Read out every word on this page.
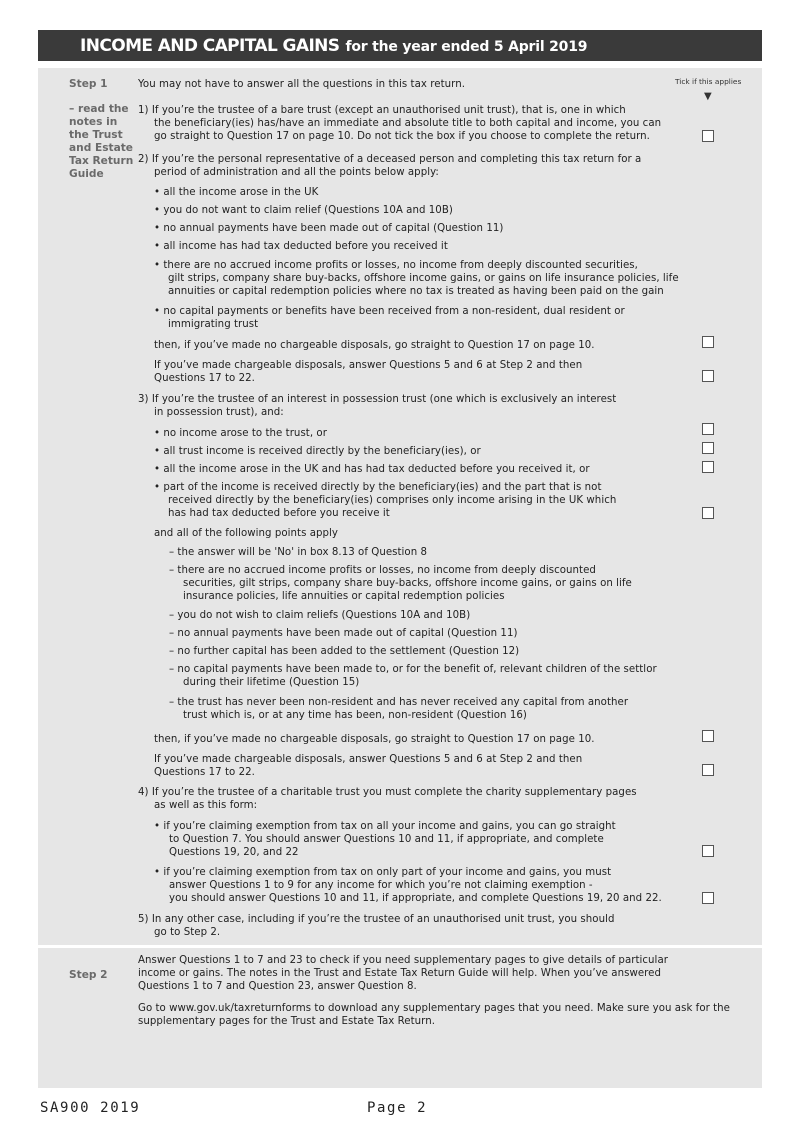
INCOME AND CAPITAL GAINS for the year ended 5 April 2019
Step 1
– read the
notes in
the Trust
and Estate
Tax Return
Guide
Tick if this applies
▼
You may not have to answer all the questions in this tax return.
1) If you’re the trustee of a bare trust (except an unauthorised unit trust), that is, one in which
the beneficiary(ies) has/have an immediate and absolute title to both capital and income, you can
go straight to Question 17 on page 10. Do not tick the box if you choose to complete the return.
2) If you’re the personal representative of a deceased person and completing this tax return for a
period of administration and all the points below apply:
• all the income arose in the UK
• you do not want to claim relief (Questions 10A and 10B)
• no annual payments have been made out of capital (Question 11)
• all income has had tax deducted before you received it
• there are no accrued income profits or losses, no income from deeply discounted securities,
gilt strips, company share buy-backs, offshore income gains, or gains on life insurance policies, life
annuities or capital redemption policies where no tax is treated as having been paid on the gain
• no capital payments or benefits have been received from a non-resident, dual resident or
immigrating trust
then, if you’ve made no chargeable disposals, go straight to Question 17 on page 10.
If you’ve made chargeable disposals, answer Questions 5 and 6 at Step 2 and then
Questions 17 to 22.
3) If you’re the trustee of an interest in possession trust (one which is exclusively an interest
in possession trust), and:
• no income arose to the trust, or
• all trust income is received directly by the beneficiary(ies), or
• all the income arose in the UK and has had tax deducted before you received it, or
• part of the income is received directly by the beneficiary(ies) and the part that is not
received directly by the beneficiary(ies) comprises only income arising in the UK which
has had tax deducted before you receive it
and all of the following points apply
– the answer will be 'No' in box 8.13 of Question 8
– there are no accrued income profits or losses, no income from deeply discounted
securities, gilt strips, company share buy-backs, offshore income gains, or gains on life
insurance policies, life annuities or capital redemption policies
– you do not wish to claim reliefs (Questions 10A and 10B)
– no annual payments have been made out of capital (Question 11)
– no further capital has been added to the settlement (Question 12)
– no capital payments have been made to, or for the benefit of, relevant children of the settlor
during their lifetime (Question 15)
– the trust has never been non-resident and has never received any capital from another
trust which is, or at any time has been, non-resident (Question 16)
then, if you’ve made no chargeable disposals, go straight to Question 17 on page 10.
If you’ve made chargeable disposals, answer Questions 5 and 6 at Step 2 and then
Questions 17 to 22.
4) If you’re the trustee of a charitable trust you must complete the charity supplementary pages
as well as this form:
• if you’re claiming exemption from tax on all your income and gains, you can go straight
to Question 7. You should answer Questions 10 and 11, if appropriate, and complete
Questions 19, 20, and 22
• if you’re claiming exemption from tax on only part of your income and gains, you must
answer Questions 1 to 9 for any income for which you’re not claiming exemption -
you should answer Questions 10 and 11, if appropriate, and complete Questions 19, 20 and 22.
5) In any other case, including if you’re the trustee of an unauthorised unit trust, you should
go to Step 2.
Step 2
Answer Questions 1 to 7 and 23 to check if you need supplementary pages to give details of particular
income or gains. The notes in the Trust and Estate Tax Return Guide will help. When you’ve answered
Questions 1 to 7 and Question 23, answer Question 8.
Go to www.gov.uk/taxreturnforms to download any supplementary pages that you need. Make sure you ask for the
supplementary pages for the Trust and Estate Tax Return.
SA900 2019	Page 2
